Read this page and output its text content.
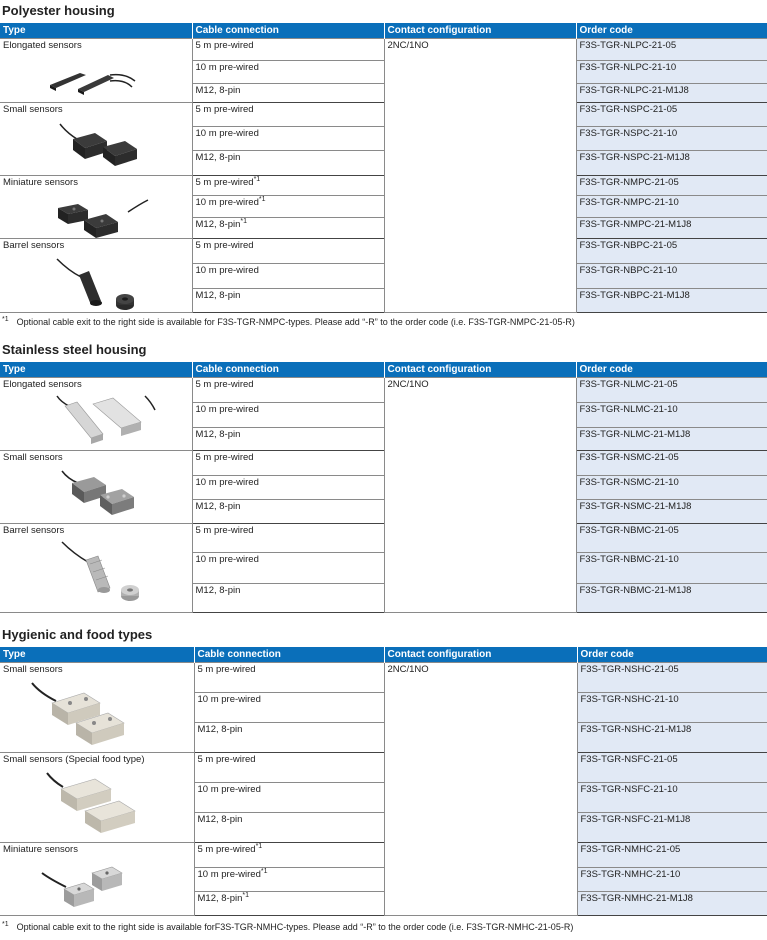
Polyester housing
Type	Cable connection	Contact configuration	Order code
Elongated sensors	5 m pre-wired	2NC/1NO	F3S-TGR-NLPC-21-05
	10 m pre-wired		F3S-TGR-NLPC-21-10
	M12, 8-pin		F3S-TGR-NLPC-21-M1J8
Small sensors	5 m pre-wired		F3S-TGR-NSPC-21-05
	10 m pre-wired		F3S-TGR-NSPC-21-10
	M12, 8-pin		F3S-TGR-NSPC-21-M1J8
Miniature sensors	5 m pre-wired$^{*1}$		F3S-TGR-NMPC-21-05
	10 m pre-wired$^{*1}$		F3S-TGR-NMPC-21-10
	M12, 8-pin$^{*1}$		F3S-TGR-NMPC-21-M1J8
Barrel sensors	5 m pre-wired		F3S-TGR-NBPC-21-05
	10 m pre-wired		F3S-TGR-NBPC-21-10
	M12, 8-pin		F3S-TGR-NBPC-21-M1J8
$^{*1}$ Optional cable exit to the right side is available for F3S-TGR-NMPC-types. Please add “-R” to the order code (i.e. F3S-TGR-NMPC-21-05-R)
Stainless steel housing
Type	Cable connection	Contact configuration	Order code
Elongated sensors	5 m pre-wired	2NC/1NO	F3S-TGR-NLMC-21-05
	10 m pre-wired		F3S-TGR-NLMC-21-10
	M12, 8-pin		F3S-TGR-NLMC-21-M1J8
Small sensors	5 m pre-wired		F3S-TGR-NSMC-21-05
	10 m pre-wired		F3S-TGR-NSMC-21-10
	M12, 8-pin		F3S-TGR-NSMC-21-M1J8
Barrel sensors	5 m pre-wired		F3S-TGR-NBMC-21-05
	10 m pre-wired		F3S-TGR-NBMC-21-10
	M12, 8-pin		F3S-TGR-NBMC-21-M1J8
Hygienic and food types
Type	Cable connection	Contact configuration	Order code
Small sensors	5 m pre-wired	2NC/1NO	F3S-TGR-NSHC-21-05
	10 m pre-wired		F3S-TGR-NSHC-21-10
	M12, 8-pin		F3S-TGR-NSHC-21-M1J8
Small sensors (Special food type)	5 m pre-wired		F3S-TGR-NSFC-21-05
	10 m pre-wired		F3S-TGR-NSFC-21-10
	M12, 8-pin		F3S-TGR-NSFC-21-M1J8
Miniature sensors	5 m pre-wired$^{*1}$		F3S-TGR-NMHC-21-05
	10 m pre-wired$^{*1}$		F3S-TGR-NMHC-21-10
	M12, 8-pin$^{*1}$		F3S-TGR-NMHC-21-M1J8
$^{*1}$ Optional cable exit to the right side is available forF3S-TGR-NMHC-types. Please add “-R” to the order code (i.e. F3S-TGR-NMHC-21-05-R)
